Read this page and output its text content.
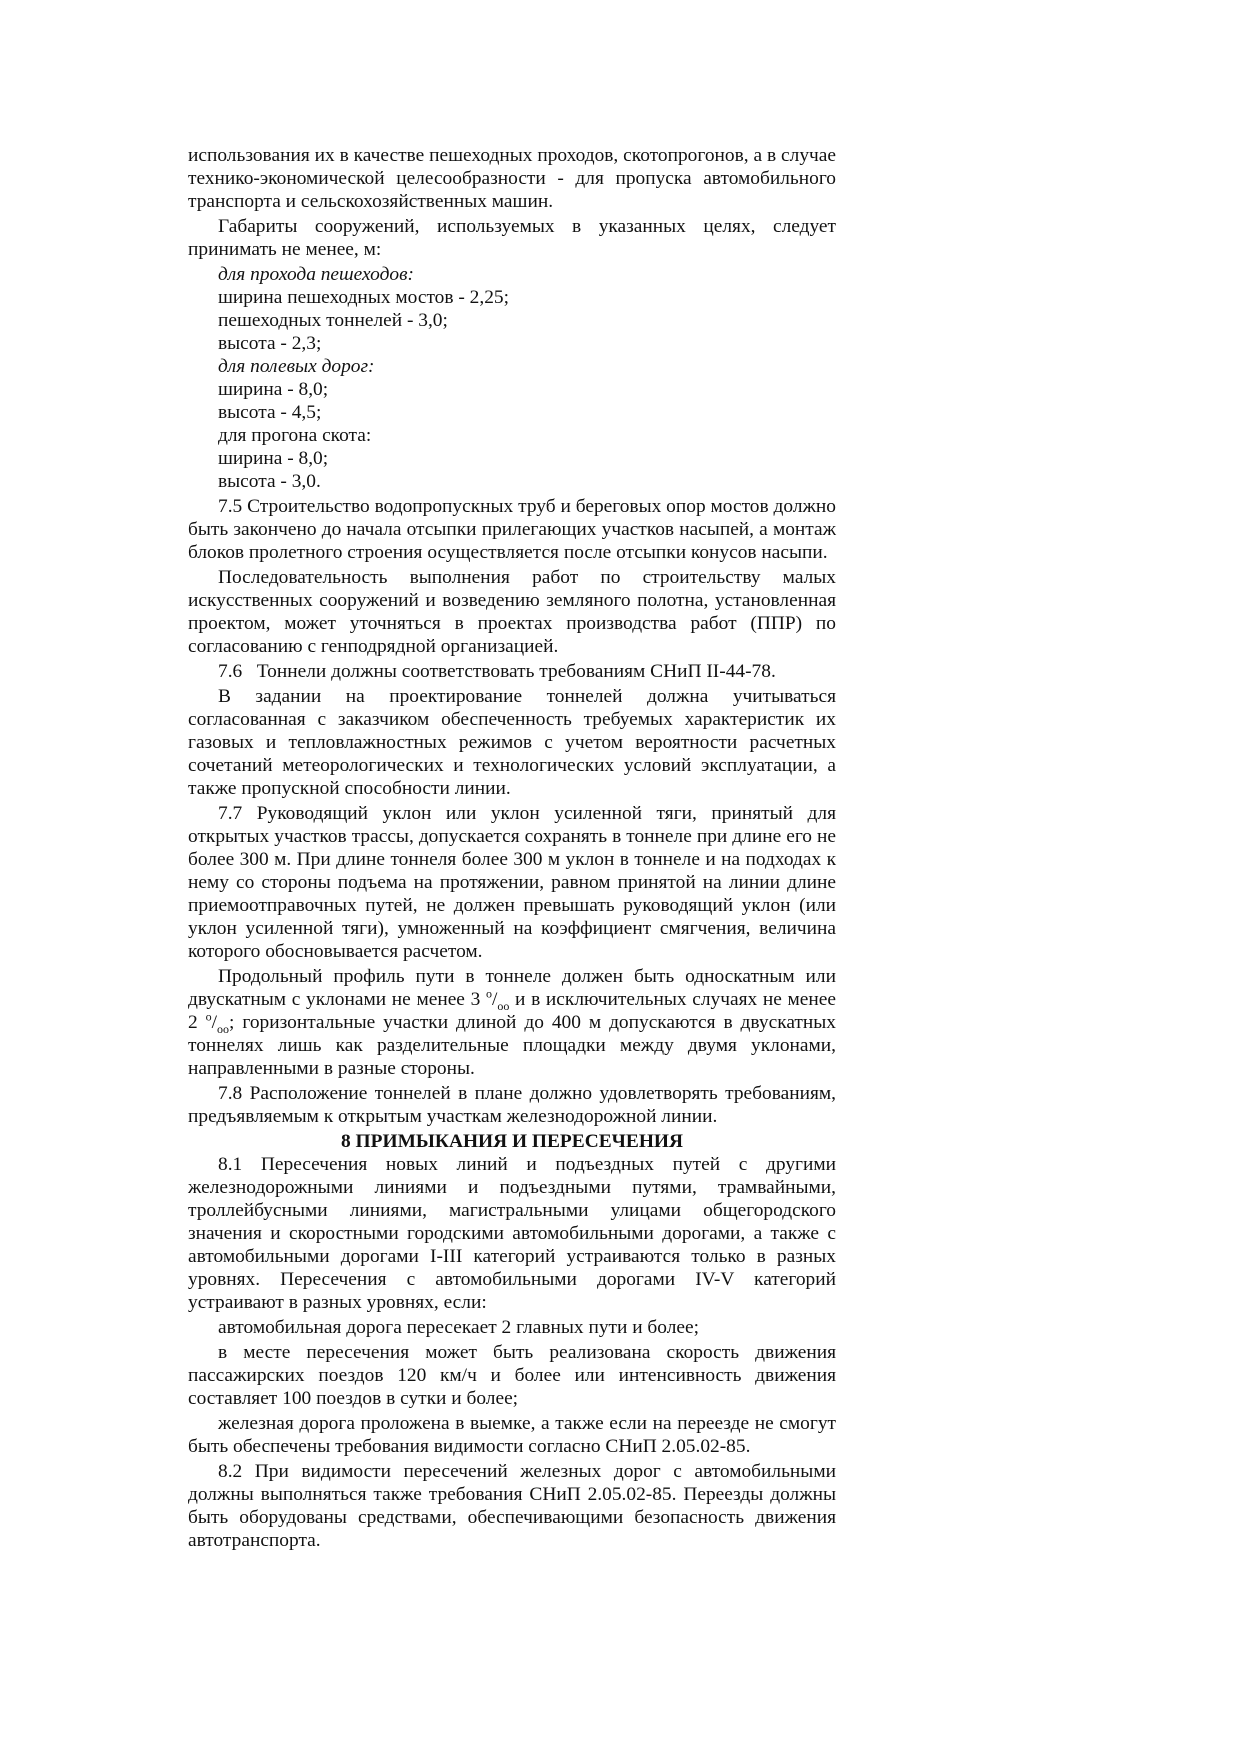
использования их в качестве пешеходных проходов, скотопрогонов, а в случае технико-экономической целесообразности - для пропуска автомобильного транспорта и сельскохозяйственных машин.

Габариты сооружений, используемых в указанных целях, следует принимать не менее, м:

для прохода пешеходов:
ширина пешеходных мостов - 2,25;
пешеходных тоннелей - 3,0;
высота - 2,3;
для полевых дорог:
ширина - 8,0;
высота - 4,5;
для прогона скота:
ширина - 8,0;
высота - 3,0.

7.5 Строительство водопропускных труб и береговых опор мостов должно быть закончено до начала отсыпки прилегающих участков насыпей, а монтаж блоков пролетного строения осуществляется после отсыпки конусов насыпи.

Последовательность выполнения работ по строительству малых искусственных сооружений и возведению земляного полотна, установленная проектом, может уточняться в проектах производства работ (ППР) по согласованию с генподрядной организацией.

7.6   Тоннели должны соответствовать требованиям СНиП II-44-78.

В задании на проектирование тоннелей должна учитываться согласованная с заказчиком обеспеченность требуемых характеристик их газовых и тепловлажностных режимов с учетом вероятности расчетных сочетаний метеорологических и технологических условий эксплуатации, а также пропускной способности линии.

7.7 Руководящий уклон или уклон усиленной тяги, принятый для открытых участков трассы, допускается сохранять в тоннеле при длине его не более 300 м. При длине тоннеля более 300 м уклон в тоннеле и на подходах к нему со стороны подъема на протяжении, равном принятой на линии длине приемоотправочных путей, не должен превышать руководящий уклон (или уклон усиленной тяги), умноженный на коэффициент смягчения, величина которого обосновывается расчетом.

Продольный профиль пути в тоннеле должен быть односкатным или двускатным с уклонами не менее 3 $^о/_{оо}$ и в исключительных случаях не менее 2 $^о/_{оо}$; горизонтальные участки длиной до 400 м допускаются в двускатных тоннелях лишь как разделительные площадки между двумя уклонами, направленными в разные стороны.

7.8 Расположение тоннелей в плане должно удовлетворять требованиям, предъявляемым к открытым участкам железнодорожной линии.

8 ПРИМЫКАНИЯ И ПЕРЕСЕЧЕНИЯ

8.1 Пересечения новых линий и подъездных путей с другими железнодорожными линиями и подъездными путями, трамвайными, троллейбусными линиями, магистральными улицами общегородского значения и скоростными городскими автомобильными дорогами, а также с автомобильными дорогами I-III категорий устраиваются только в разных уровнях. Пересечения с автомобильными дорогами IV-V категорий устраивают в разных уровнях, если:

автомобильная дорога пересекает 2 главных пути и более;

в месте пересечения может быть реализована скорость движения пассажирских поездов 120 км/ч и более или интенсивность движения составляет 100 поездов в сутки и более;

железная дорога проложена в выемке, а также если на переезде не смогут быть обеспечены требования видимости согласно СНиП 2.05.02-85.

8.2 При видимости пересечений железных дорог с автомобильными должны выполняться также требования СНиП 2.05.02-85. Переезды должны быть оборудованы средствами, обеспечивающими безопасность движения автотранспорта.
